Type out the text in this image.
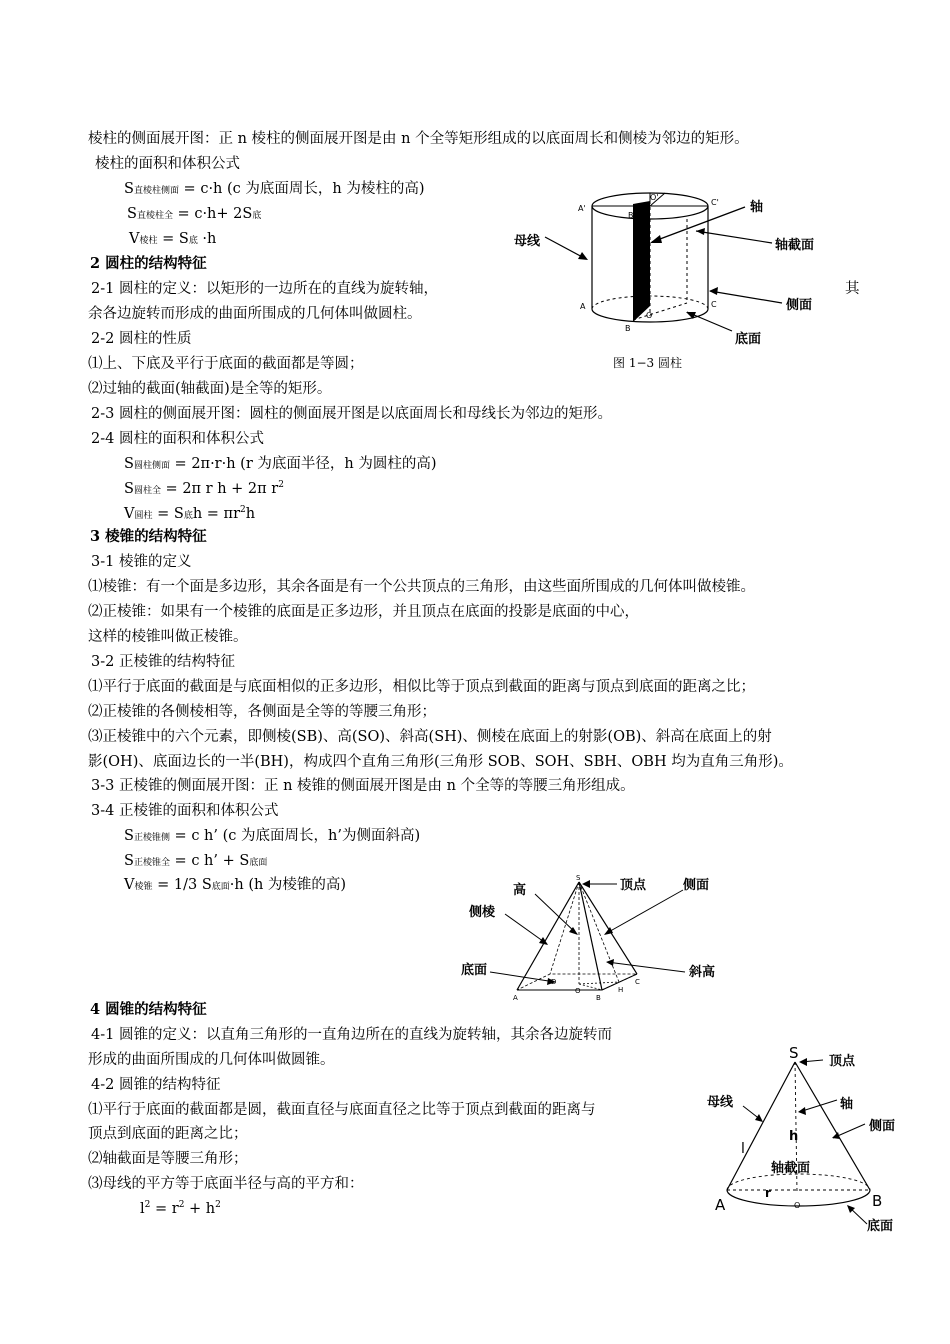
棱柱的侧面展开图：正 n 棱柱的侧面展开图是由 n 个全等矩形组成的以底面周长和侧棱为邻边的矩形。
棱柱的面积和体积公式
S直棱柱侧面 = c·h (c 为底面周长，h 为棱柱的高)
S直棱柱全 = c·h+ 2S底
V棱柱 = S底 ·h
2 圆柱的结构特征
2-1 圆柱的定义：以矩形的一边所在的直线为旋转轴，	其
余各边旋转而形成的曲面所围成的几何体叫做圆柱。
2-2 圆柱的性质
⑴上、下底及平行于底面的截面都是等圆；
⑵过轴的截面(轴截面)是全等的矩形。
2-3 圆柱的侧面展开图：圆柱的侧面展开图是以底面周长和母线长为邻边的矩形。
2-4 圆柱的面积和体积公式
S圆柱侧面 = 2π·r·h (r 为底面半径，h 为圆柱的高)
S圆柱全 = 2π r h + 2π $r^2$
V圆柱 = S底$h = \pi r^2h$
A'
O'
B'
C'
A
B
O
C
轴
轴截面
母线
侧面
底面
图 1−3 圆柱
3 棱锥的结构特征
3-1 棱锥的定义
⑴棱锥：有一个面是多边形，其余各面是有一个公共顶点的三角形，由这些面所围成的几何体叫做棱锥。
⑵正棱锥：如果有一个棱锥的底面是正多边形，并且顶点在底面的投影是底面的中心，
这样的棱锥叫做正棱锥。
3-2 正棱锥的结构特征
⑴平行于底面的截面是与底面相似的正多边形，相似比等于顶点到截面的距离与顶点到底面的距离之比；
⑵正棱锥的各侧棱相等，各侧面是全等的等腰三角形；
⑶正棱锥中的六个元素，即侧棱(SB)、高(SO)、斜高(SH)、侧棱在底面上的射影(OB)、斜高在底面上的射
影(OH)、底面边长的一半(BH)，构成四个直角三角形(三角形 SOB、SOH、SBH、OBH 均为直角三角形)。
3-3 正棱锥的侧面展开图：正 n 棱锥的侧面展开图是由 n 个全等的等腰三角形组成。
3-4 正棱锥的面积和体积公式
S正棱锥侧 = c h’ (c 为底面周长，h’为侧面斜高)
S正棱锥全 = c h’ + S底面
V棱锥 = 1/3 S底面·h (h 为棱锥的高)	S
A	B
C
O	H
高	顶点	侧面
侧棱
底面	斜高
4 圆锥的结构特征
4-1 圆锥的定义：以直角三角形的一直角边所在的直线为旋转轴，其余各边旋转而
形成的曲面所围成的几何体叫做圆锥。
4-2 圆锥的结构特征
⑴平行于底面的截面都是圆，截面直径与底面直径之比等于顶点到截面的距离与
顶点到底面的距离之比；
⑵轴截面是等腰三角形；
⑶母线的平方等于底面半径与高的平方和：
$l^2 = r^2 + h^2$
S
A	B
O
l
h
r
顶点
轴
母线
侧面
轴截面
底面
